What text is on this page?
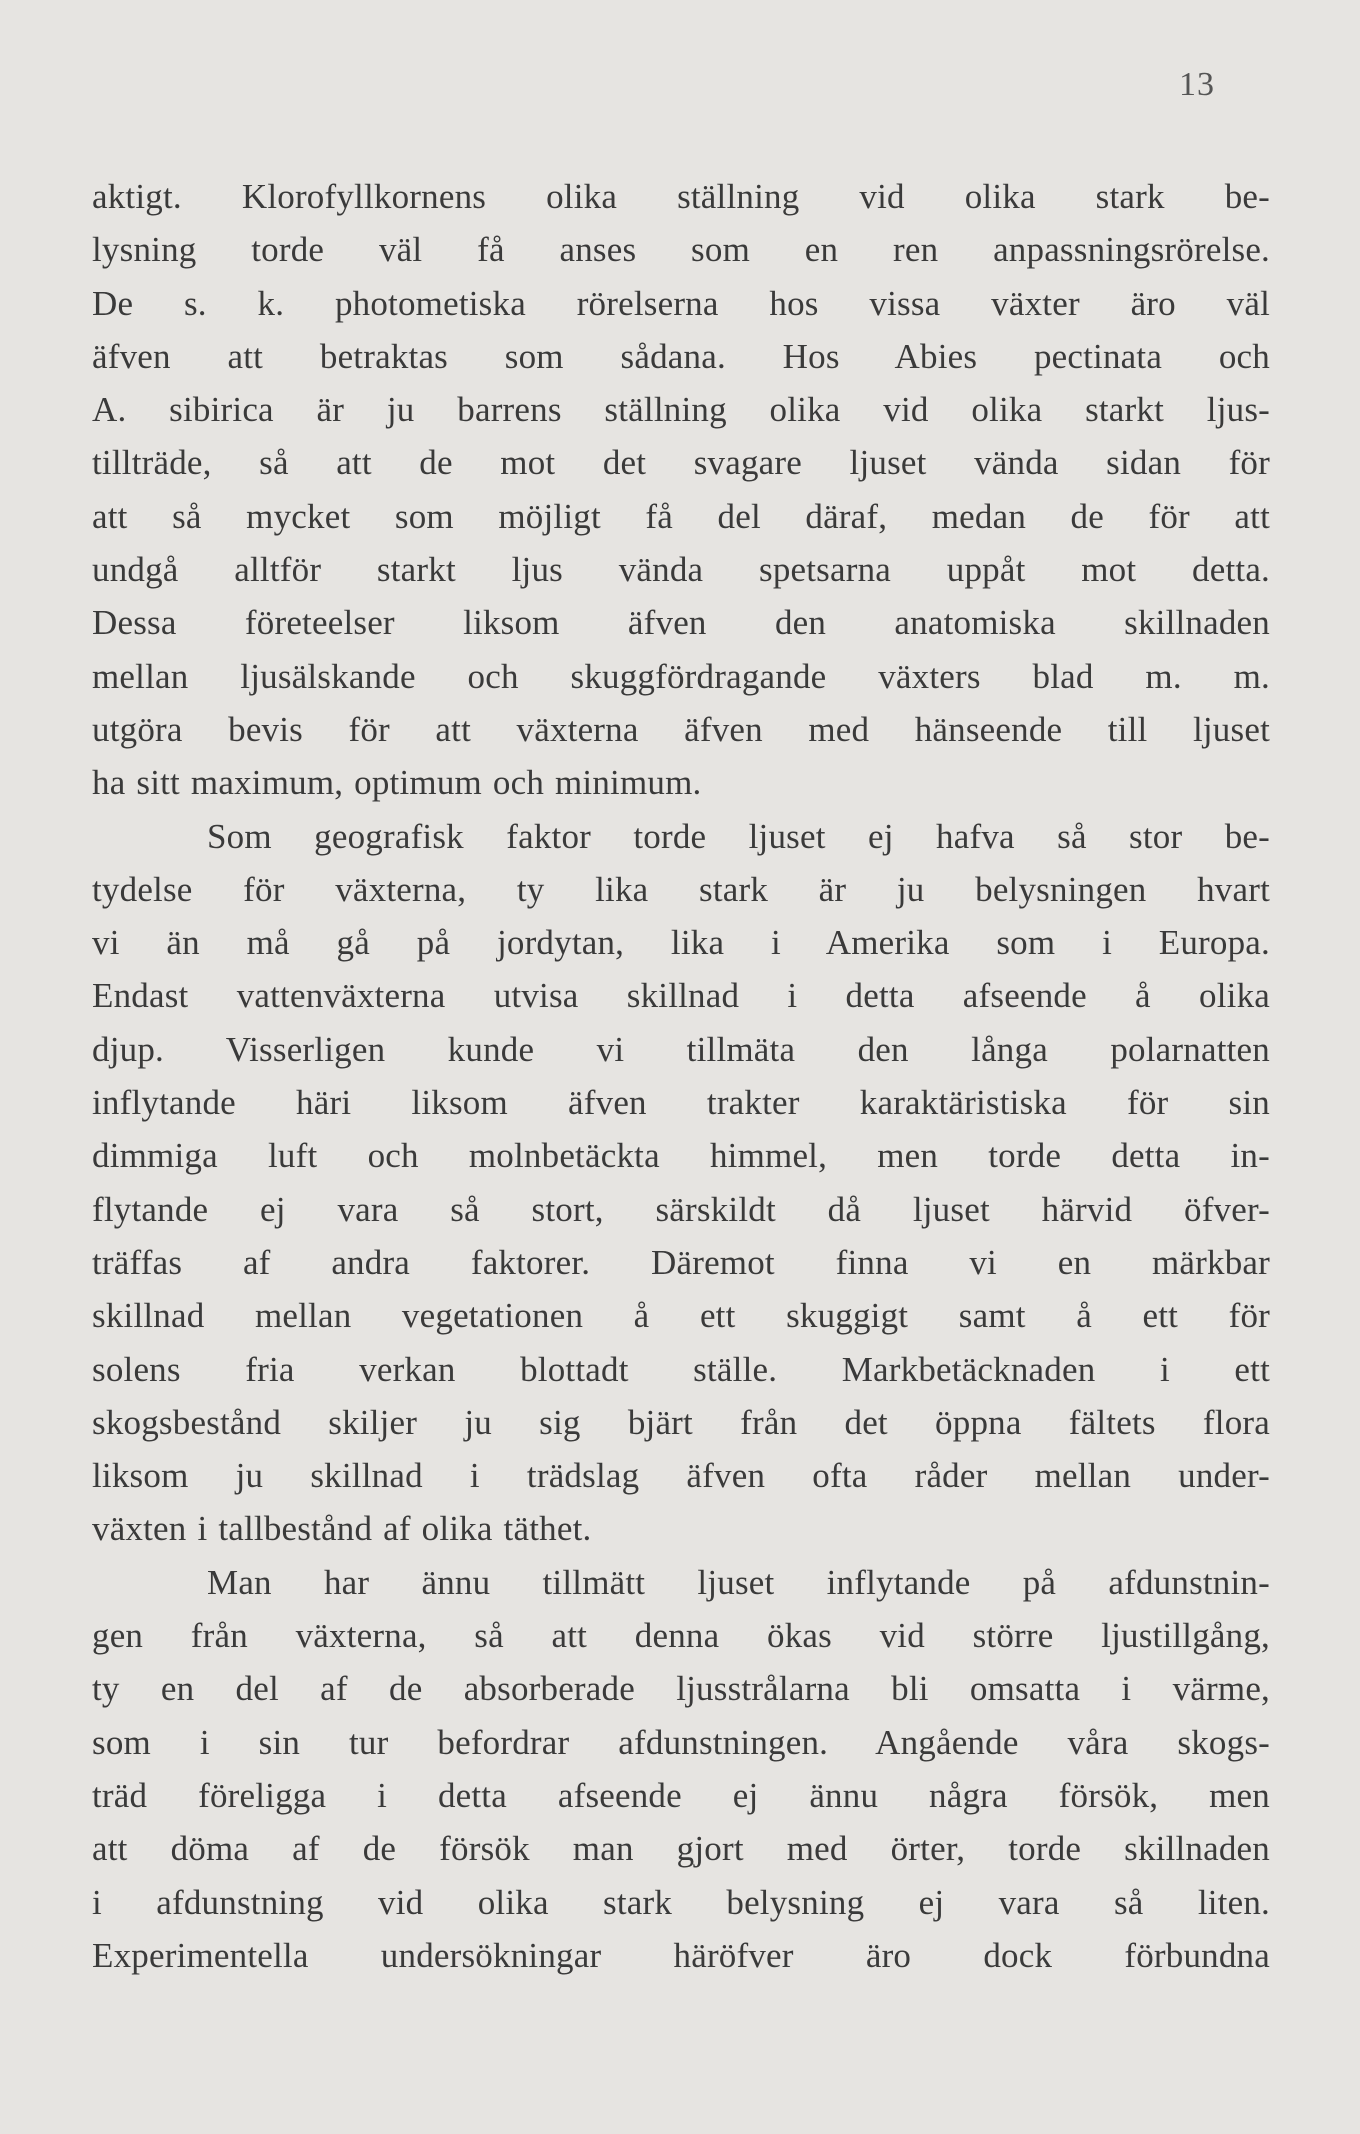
13
aktigt. Klorofyllkornens olika ställning vid olika stark be-
lysning torde väl få anses som en ren anpassningsrörelse.
De s. k. photometiska rörelserna hos vissa växter äro väl
äfven att betraktas som sådana. Hos Abies pectinata och
A. sibirica är ju barrens ställning olika vid olika starkt ljus-
tillträde, så att de mot det svagare ljuset vända sidan för
att så mycket som möjligt få del däraf, medan de för att
undgå alltför starkt ljus vända spetsarna uppåt mot detta.
Dessa företeelser liksom äfven den anatomiska skillnaden
mellan ljusälskande och skuggfördragande växters blad m. m.
utgöra bevis för att växterna äfven med hänseende till ljuset
ha sitt maximum, optimum och minimum.
Som geografisk faktor torde ljuset ej hafva så stor be-
tydelse för växterna, ty lika stark är ju belysningen hvart
vi än må gå på jordytan, lika i Amerika som i Europa.
Endast vattenväxterna utvisa skillnad i detta afseende å olika
djup. Visserligen kunde vi tillmäta den långa polarnatten
inflytande häri liksom äfven trakter karaktäristiska för sin
dimmiga luft och molnbetäckta himmel, men torde detta in-
flytande ej vara så stort, särskildt då ljuset härvid öfver-
träffas af andra faktorer. Däremot finna vi en märkbar
skillnad mellan vegetationen å ett skuggigt samt å ett för
solens fria verkan blottadt ställe. Markbetäcknaden i ett
skogsbestånd skiljer ju sig bjärt från det öppna fältets flora
liksom ju skillnad i trädslag äfven ofta råder mellan under-
växten i tallbestånd af olika täthet.
Man har ännu tillmätt ljuset inflytande på afdunstnin-
gen från växterna, så att denna ökas vid större ljustillgång,
ty en del af de absorberade ljusstrålarna bli omsatta i värme,
som i sin tur befordrar afdunstningen. Angående våra skogs-
träd föreligga i detta afseende ej ännu några försök, men
att döma af de försök man gjort med örter, torde skillnaden
i afdunstning vid olika stark belysning ej vara så liten.
Experimentella undersökningar häröfver äro dock förbundna
